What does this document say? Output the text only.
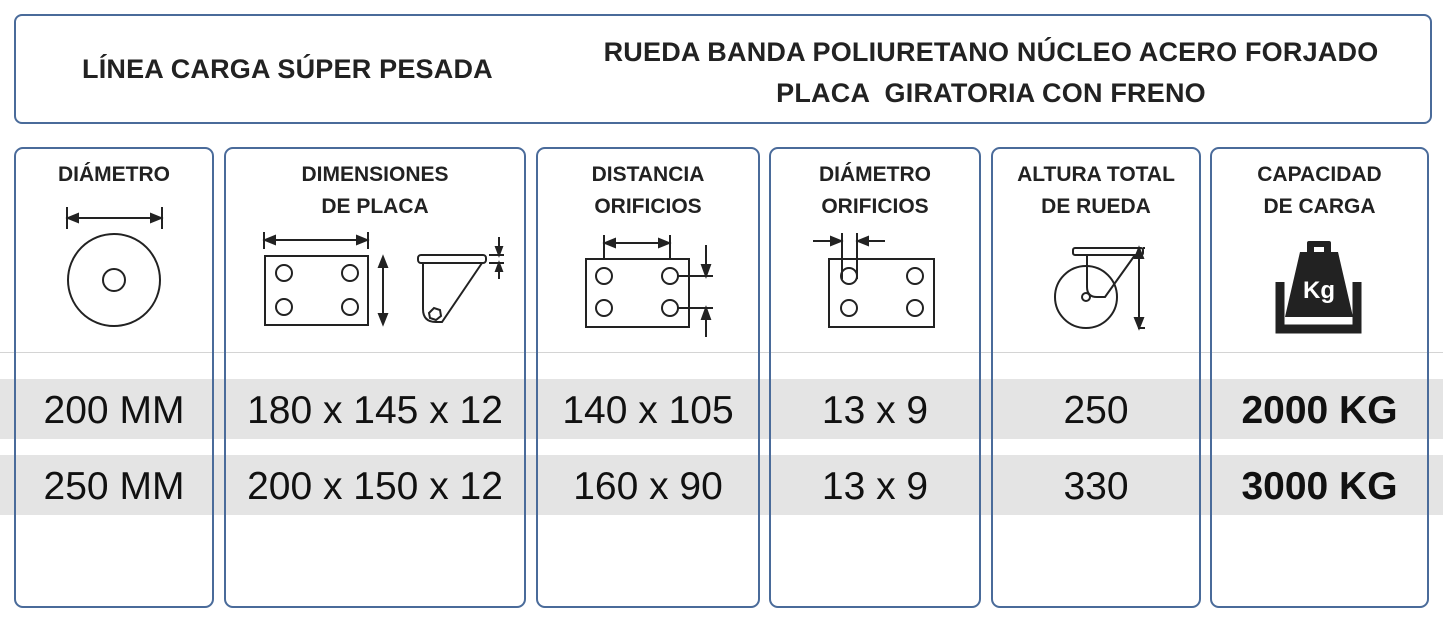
LÍNEA CARGA SÚPER PESADA
RUEDA BANDA POLIURETANO NÚCLEO ACERO FORJADO
PLACA  GIRATORIA CON FRENO
DIÁMETRO
200 MM
250 MM
DIMENSIONES
DE PLACA
180 x 145 x 12
200 x 150 x 12
DISTANCIA
ORIFICIOS
140 x 105
160 x 90
DIÁMETRO
ORIFICIOS
13 x 9
13 x 9
ALTURA TOTAL
DE RUEDA
250
330
CAPACIDAD
DE CARGA
Kg
2000 KG
3000 KG
